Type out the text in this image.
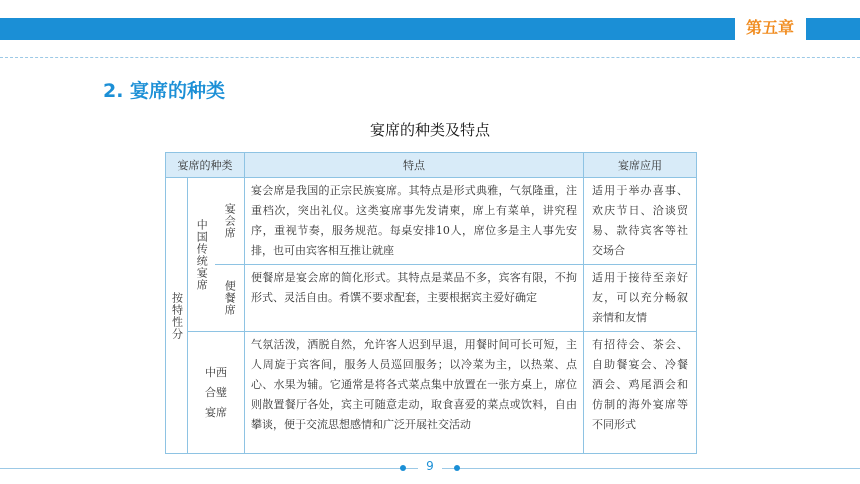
第五章
2. 宴席的种类
宴席的种类及特点
宴席的种类			特点	宴席应用

按特性分	中国传统宴席	宴会席	宴会席是我国的正宗民族宴席。其特点是形式典雅，气氛隆重，注重档次，突出礼仪。这类宴席事先发请柬，席上有菜单，讲究程序，重视节奏，服务规范。每桌安排10人，席位多是主人事先安排，也可由宾客相互推让就座	适用于举办喜事、欢庆节日、洽谈贸易、款待宾客等社交场合

		便餐席	便餐席是宴会席的简化形式。其特点是菜品不多，宾客有限，不拘形式、灵活自由。肴馔不要求配套，主要根据宾主爱好确定	适用于接待至亲好友，可以充分畅叙亲情和友情

	中西合璧宴席		气氛活泼，洒脱自然，允许客人迟到早退，用餐时间可长可短，主人周旋于宾客间，服务人员巡回服务；以冷菜为主，以热菜、点心、水果为辅。它通常是将各式菜点集中放置在一张方桌上，席位则散置餐厅各处，宾主可随意走动，取食喜爱的菜点或饮料，自由攀谈，便于交流思想感情和广泛开展社交活动	有招待会、茶会、自助餐宴会、冷餐酒会、鸡尾酒会和仿制的海外宴席等不同形式
9
